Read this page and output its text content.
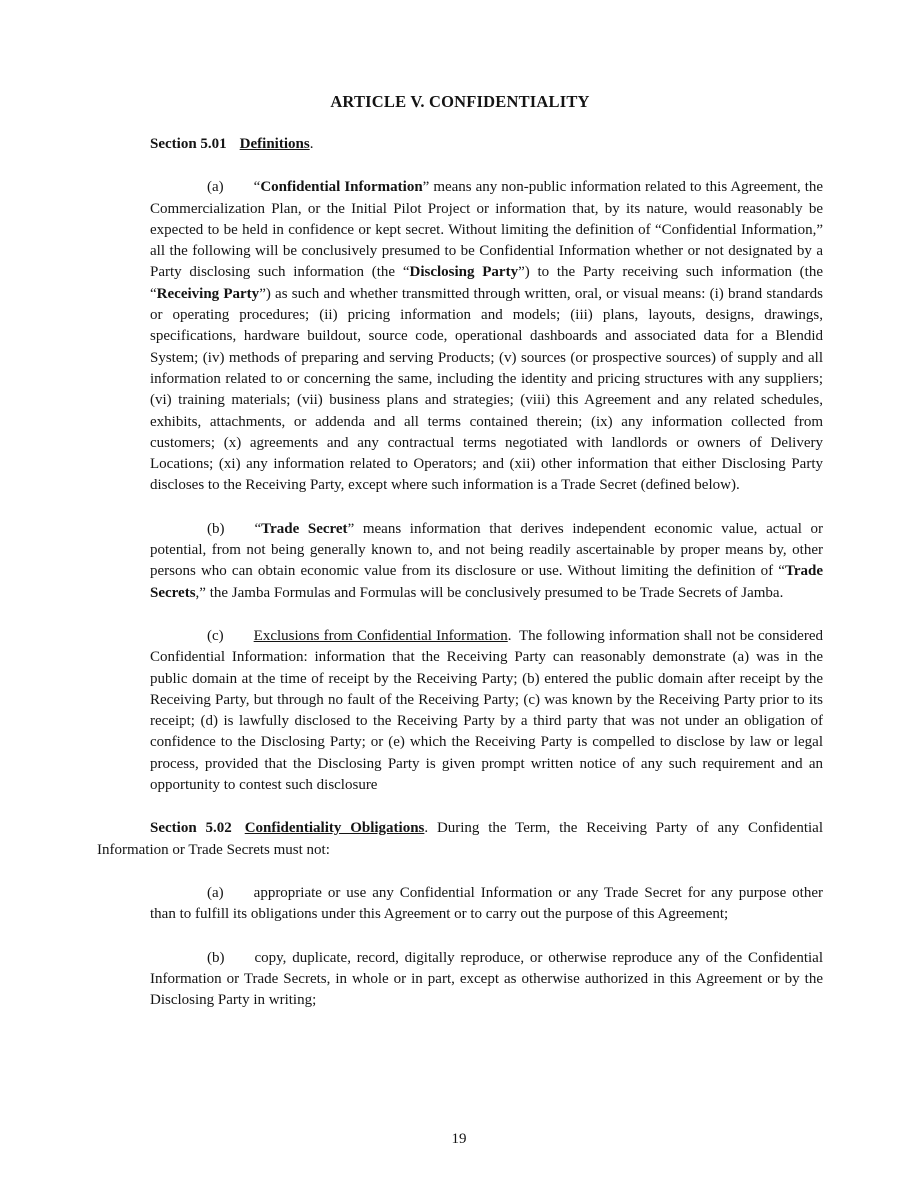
ARTICLE V. CONFIDENTIALITY
Section 5.01 Definitions.
(a) “Confidential Information” means any non-public information related to this Agreement, the Commercialization Plan, or the Initial Pilot Project or information that, by its nature, would reasonably be expected to be held in confidence or kept secret. Without limiting the definition of “Confidential Information,” all the following will be conclusively presumed to be Confidential Information whether or not designated by a Party disclosing such information (the “Disclosing Party”) to the Party receiving such information (the “Receiving Party”) as such and whether transmitted through written, oral, or visual means: (i) brand standards or operating procedures; (ii) pricing information and models; (iii) plans, layouts, designs, drawings, specifications, hardware buildout, source code, operational dashboards and associated data for a Blendid System; (iv) methods of preparing and serving Products; (v) sources (or prospective sources) of supply and all information related to or concerning the same, including the identity and pricing structures with any suppliers; (vi) training materials; (vii) business plans and strategies; (viii) this Agreement and any related schedules, exhibits, attachments, or addenda and all terms contained therein; (ix) any information collected from customers; (x) agreements and any contractual terms negotiated with landlords or owners of Delivery Locations; (xi) any information related to Operators; and (xii) other information that either Disclosing Party discloses to the Receiving Party, except where such information is a Trade Secret (defined below).
(b) “Trade Secret” means information that derives independent economic value, actual or potential, from not being generally known to, and not being readily ascertainable by proper means by, other persons who can obtain economic value from its disclosure or use. Without limiting the definition of “Trade Secrets,” the Jamba Formulas and Formulas will be conclusively presumed to be Trade Secrets of Jamba.
(c) Exclusions from Confidential Information. The following information shall not be considered Confidential Information: information that the Receiving Party can reasonably demonstrate (a) was in the public domain at the time of receipt by the Receiving Party; (b) entered the public domain after receipt by the Receiving Party, but through no fault of the Receiving Party; (c) was known by the Receiving Party prior to its receipt; (d) is lawfully disclosed to the Receiving Party by a third party that was not under an obligation of confidence to the Disclosing Party; or (e) which the Receiving Party is compelled to disclose by law or legal process, provided that the Disclosing Party is given prompt written notice of any such requirement and an opportunity to contest such disclosure
Section 5.02 Confidentiality Obligations. During the Term, the Receiving Party of any Confidential Information or Trade Secrets must not:
(a) appropriate or use any Confidential Information or any Trade Secret for any purpose other than to fulfill its obligations under this Agreement or to carry out the purpose of this Agreement;
(b) copy, duplicate, record, digitally reproduce, or otherwise reproduce any of the Confidential Information or Trade Secrets, in whole or in part, except as otherwise authorized in this Agreement or by the Disclosing Party in writing;
19
